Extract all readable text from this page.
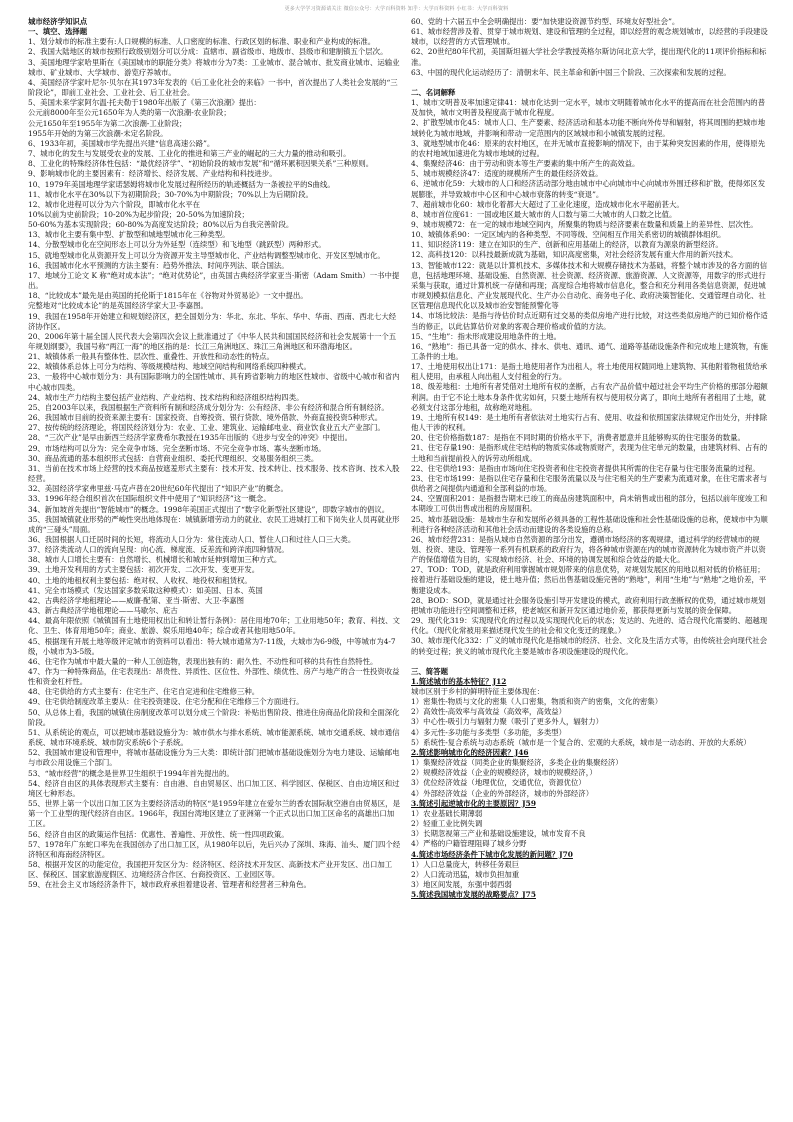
更多大学学习资源请关注 微信公众号：大学百科资料 知乎：大学百科资料 小红书：大学百科资料
城市经济学知识点
一、填空、选择题
1、划分城市的标准主要有:人口规模的标准、人口密度的标准、行政区划的标准、职业和产业构成的标准。
2、我国大陆地区的城市按照行政级别划分可以分成：直辖市、副省级市、地级市、县级市和建制镇五个层次。
3、美国地理学家哈里斯在《美国城市的职能分类》将城市分为7类：工业城市、混合城市、批发商业城市、运输业城市、矿业城市、大学城市、游览疗养城市。
4、美国经济学家叶尼尔·贝尔在其1973年发表的《后工业化社会的来临》一书中，首次提出了人类社会发展的“三阶段论”，即前工业社会、工业社会、后工业社会。
5、美国未来学家阿尔温·托夫勒于1980年出版了《第三次浪潮》提出：
公元前8000年至公元1650年为人类的第一次浪潮-农业阶段；
公元1650年至1955年为第二次浪潮-工业阶段；
1955年开始的为第三次浪潮-未定名阶段。
6、1933年初，美国城市学先提出兴建“信息高速公路”。
7、城市化的发生与发展受农业的发展、工业化的推进和第三产业的崛起的三大力量的推动和吸引。
8、工业化的特殊经济体性包括：“最优经济学”、“初始阶段的城市发展”和“循环累积因果关系”三种原则。
9、影响城市化的主要因素有：经济增长、经济发展、产业结构和科技进步。
10、1979年美国地理学家诺瑟姆将城市化发展过程所经历的轨迹概括为一条被拉平的S曲线。
11、城市化水平在30%以下为初期阶段；30-70%为中期阶段；70%以上为后期阶段。
12、城市化进程可以分为六个阶段，即城市化水平在
10%以前为史前阶段；10-20%为起步阶段；20-50%为加速阶段；
50-60%为基本实现阶段；60-80%为高度发达阶段；80%以后为自我完善阶段。
13、城市化主要有集中型、扩散型和城地型城市化三种类型。
14、分散型城市化在空间形态上可以分为外延型（连续型）和飞地型（跳跃型）两种形式。
15、就地型城市化从资源开发上可以分为资源开发主导型城市化、产业结构调整型城市化、开发区型城市化。
16、我国城市化水平预测的方法主要有：趋势外推法、时间序列法、联合国法。
17、地域分工论文 K 称“绝对成本法”；“绝对优势论”，由英国古典经济学家亚当·斯密（Adam Smith）一书中提出。
18、“比较成本”最先是由英国的托伦斯于1815年在《谷物对外贸易论》一文中提出。
完整地对“比较成本论”的是英国经济学家大卫·李嘉图。
19、我国在1958年开始建立和规划经济区，把全国划分为：华北、东北、华东、华中、华南、西南、西北七大经济协作区。
20、2006年第十届全国人民代表大会第四次会议上批准通过了《中华人民共和国国民经济和社会发展第十一个五年规划纲要》，我国号称“两江一海”的地区指的是：长江三角洲地区、珠江三角洲地区和环渤海地区。
21、城镇体系一般具有整体性、层次性、重叠性、开放性和动态性的特点。
22、城镇体系总体上可分为结构、等级规模结构、地域空间结构和网络系统四种模式。
23、一般将中心城市划分为：具有国际影响力的全国性城市、具有跨省影响力的地区性城市、省级中心城市和省内中心城市四类。
24、城市生产力结构主要包括产业结构、产业结构、技术结构和经济组织结构四类。
25、自2003年以来，我国根据生产资料所有制和经济成分划分为：公有经济、非公有经济和混合所有制经济。
26、我国城市目前的投资来源主要有：国家投资、自筹投资、银行贷款、境外借款、外商直接投资5种形式。
27、按传统的经济理论，将国民经济划分为：农业、工业、建筑业、运输邮电业、商业饮食业五大产业部门。
28、“三次产业”是早由新西兰经济学家费希尔教授在1935年出版的《进步与安全的冲突》中提出。
29、市场结构可以分为：完全竞争市场、完全垄断市场、不完全竞争市场、寡头垄断市场。
30、商品流通的基本组织形式包括：自营商业组织、委托代理组织、交易服务组织三类。
31、当前在技术市场上经营的技术商品按遮羞形式主要有：技术开发、技术转让、技术服务、技术咨询、技术入股经营。
32、美国经济学家弗里兹·马克卢普在20世纪60年代提出了“知识产业”的概念。
33、1996年经合组织首次在国际组织文件中使用了“知识经济”这一概念。
34、新加坡首先提出“智能城市”的概念。1998年美国正式提出了“数字化新型社区建设”，即数字城市的倡议。
35、我国城镇就业形势的严峻性突出地体现在：城镇新增劳动力的就业、农民工进城打工和下岗失业人员再就业形成的“三碰头”局面。
36、我国根据人口迁居时间的长短，将流动人口分为：常住流动人口、暂住人口和过往人口三大类。
37、经济类流动人口的流向呈现：向心流、梯度流、反差流和跨洋流四种情况。
38、城市人口增长主要有：自然增长、机械增长和城市延伸到增加三种方式。
39、土地开发利用的方式主要包括：初次开发、二次开发、变更开发。
40、土地的地租权利主要包括：绝对权、人收权、地役权和租赁权。
41、完全市场模式（发达国家多数采取这种模式）：如美国、日本、英国
42、古典经济学地租理论——威廉·配第、亚当·斯密、大卫·李嘉图
43、新古典经济学地租理论——马歇尔、庇古
44、最高年限依照《城镇国有土地使用权出让和转让暂行条例》：居住用地70年；工业用地50年；教育、科技、文化、卫生、体育用地50年；商业、旅游、娱乐用地40年；综合或者其他用地50年。
45、根据现有开展土地等级评定城市的资料可以看出：特大城市通常为7-11级，大城市为6-9级，中等城市为4-7级，小城市为3-5级。
46、住宅作为城市中最大量的一种人工创造物，表现出独有的：耐久性、不动性和可移的共有性自然特性。
47、作为一种特殊商品，住宅表现出：昂贵性、异质性、区位性、外部性、绩优性、房产与地产的合一性投资收益性和资金杠杆性。
48、住宅供给的方式主要有：住宅生产、住宅自定进和住宅维修三种。
49、住宅供给制度改革主要从：住宅投资建设、住宅分配和住宅维修三个方面进行。
50、从总体上看，我国的城镇住房制度改革可以划分成三个阶段：补贴出售阶段、推进住房商品化阶段和全面深化阶段。
51、从系统论的观点，可以把城市基础设施分为：城市供水与排水系统、城市能源系统、城市交通系统、城市通信系统、城市环境系统、城市防灾系统6个子系统。
52、我国城市建设和管理中，将城市基础设施分为三大类：即统计部门把城市基础设施划分为电力建设、运输邮电与市政公用设施三个部门。
53、“城市经营”的概念是世界卫生组织于1994年首先提出的。
54、经济自由区的具体表现形式主要有：自由港、自由贸易区、出口加工区、科学园区、保税区、自由边境区和过境区七种形态。
55、世界上第一个以出口加工区为主要经济活动的特区“是1959年建立在爱尔兰的香农国际航空港自由贸易区，是第一个工业型的现代经济自由区。1966年，我国台湾地区建立了亚洲第一个正式以出口加工区命名的高雄出口加工区。
56、经济自由区的政策运作包括：优惠性、普遍性、开放性、统一性四项政策。
57、1978年广东蛇口率先在我国创办了出口加工区，从1980年以后，先后兴办了深圳、珠海、汕头、厦门四个经济特区和海南经济特区。
58、根据开发区的功能定位，我国把开发区分为：经济特区、经济技术开发区、高新技术产业开发区、出口加工区、保税区、国家旅游度假区、边境经济合作区、台商投资区、工业园区等。
59、在社会主义市场经济条件下，城市政府承担着建设者、管理者和经营者三种角色。
60、党的十六届五中全会明确提出：要“加快建设资源节约型、环境友好型社会”。
61、城市经营涉及着、贯穿于城市规划、建设和管理的全过程，即以经营的观念规划城市，以经营的手段建设城市，以经营的方式管理城市。
62、20世纪80年代初，美国斯坦福大学社会学教授英格尔斯访问北京大学，提出现代化的11项评价指标和标准。
63、中国的现代化运动经历了：清朝末年、民主革命和新中国三个阶段、三次探索和发展的过程。
二、名词解释
1、城市文明普及率加速定律41：城市化达到一定水平，城市文明随着城市化水平的提高而在社会范围内的普及加快，城市文明普及程度高于城市化程度。
2、扩散型城市化45：城市人口、生产要素、经济活动和基本功能不断向外传导和辐射，将其周围的把城市地域转化为城市地域，并影响和带动一定范围内的区域城市和小城镇发展的过程。
3、就地型城市化46：原来的农村地区，在并无城市直接影响的情况下，由于某种突发因素的作用，使得原先的农村地域加速进化为城市地域的过程。
4、集聚经济46：由于劳动和资本等生产要素的集中所产生的高效益。
5、城市规模经济47：适度的规模所产生的最佳经济效益。
6、逆城市化59：大城市的人口和经济活动部分地由城市中心向城市中心向城市外围迁移和扩散，使得郊区发展膨胀，并导致城市中心区和中心城市衰落的转变“衰退”。
7、超前城市化60：城市化着都大大超过了工业化速度，造成城市化水平超前甚大。
8、城市首位度61：一国或地区最大城市的人口数与第二大城市的人口数之比值。
9、城市规模72：在一定的城市地域空间内，所聚集的物质与经济要素在数量和质量上的差异性、层次性。
10、城镇体系90：一定区域内的各种类型、不同等级、空间相互作用关系密切的城镇群体组织。
11、知识经济119：建立在知识的生产、创新和应用基础上的经济，以教育为源泉的新型经济。
12、高科技120：以科技最新成就为基础，知识高度密集，对社会经济发展有重大作用的新兴技术。
13、智能城市122：就是以计算机技术、多媒体技术和大规模存储技术为基础，将整个城市涉及的各方面的信息，包括地理环境、基础设施、自然资源、社会资源、经济资源、旅游资源、人文资源等，用数字的形式进行采集与获取，通过计算机统一存储和再现；高度综合地将城市信息化，整合和充分利用各类信息资源，促进城市规划模拟信息化、产业发展现代化、生产办公自动化、商务电子化、政府决策智能化、交通管理自动化、社区管理信息现代化以及城市治安智能预警化等
14、市场比较法：是指与待估价时点近期有过交易的类似房地产进行比较，对这些类似房地产的已知价格作适当的修正，以此估算估价对象的客观合理价格或价值的方法。
15、“生地”：指未形成建设用地条件的土地。
16、“熟地”：指已具备一定的供水、排水、供电、通讯、通气、道路等基础设施条件和完成地上建筑物，有施工条件的土地。
17、土地使用权出让171：是指土地使用者作为出租人，将土地使用权随同地上建筑物、其他附着物租赁给承租人使用，由承租人向出租人支付租金的行为。
18、级差地租：土地所有者凭借对土地所有权的垄断，占有农产品价值中超过社会平均生产价格的那部分超额利润。由于它不论土地本身条件优劣如何，只要土地所有权与使用权分离了，即向土地所有者租用了土地，就必须支付这部分地租，故称绝对地租。
19、土地所有权149：是土地所有者依法对土地实行占有、使用、收益和依照国家法律规定作出处分，并排除他人干涉的权利。
20、住宅价格指数187：是指在不同时期的价格水平下，消费者愿意并且能够购买的住宅服务的数量。
21、住宅存量190：是指形成住宅结构的物质实体或物质财产，表现为住宅单元的数量，由建筑材料、占有的土地和当前提前投入的诉劳动所组成。
22、住宅供给193：是指由市场向住宅投资者和住宅投资者提供其所需的住宅存量与住宅服务流量的过程。
23、住宅市场199：是指以住宅存量和住宅服务流量以及与住宅相关的生产要素为流通对象，在住宅需求者与供给者之间提供内通道和全部利益的市场。
24、空置面积201：是指报告期末已竣工的商品房建筑面积中，尚未销售或出租的部分，包括以前年度竣工和本期竣工可供出售或出租的房屋面积。
25、城市基础设施：是城市生存和发展所必须具备的工程性基础设施和社会性基础设施的总称，使城市中为顺利进行各种经济活动和其他社会活动而建设的各类设施的总称。
26、城市经营231：是指从城市自然资源的部分出发，遵循市场经济的客观规律，通过科学的经营城市的规划、投资、建设、管理等一系列有机联系的政府行为，将各种城市资源在内的城市资源转化为城市资产并以资产的保值增值为目的，实现城市经济、社会、环境的协调发展和综合效益的最大化。
27、TOD：TOD，就是政府利用掌握城市规划带来的信息优势，对规划发展区的用地以相对低的价格征用；接着进行基础设施的建设，使土地升值；然后出售基础设施完善的“熟地”，利用“生地”与“熟地”之地价差，平衡建设成本。
28、BOD：SOD，就是通过社会服务设施引导开发建设的模式，政府利用行政垄断权的优势，通过城市规划把城市功能进行空间调整和迁移，使老城区和新开发区通过地价差，都获得更新与发展的资金保障。
29、现代化319：实现现代化的过程以及实现现代化后的状态；发达的、先进的、适合现代化需要的、超越现代化。（现代化常被用来描述现代发生的社会和文化变迁的现象。）
30、城市现代化332：广义的城市现代化是指城市的经济、社会、文化及生活方式等，由传统社会向现代社会的转变过程；狭义的城市现代化主要是城市各项设施建设的现代化。
三、简答题
1.简述城市的基本特征？J12
城市区别于乡村的鲜明特征主要体现在：
1）密集性-物质与文化的密集（人口密集，物质和资产的密集，文化的密集）
2）高效性-高效率与高效益（高效率，高效益）
3）中心性-吸引力与辐射力聚（吸引了更多外人，辐射力）
4）多元性-多功能与多类型（多功能，多类型）
5）系统性-复合系统与动态系统（城市是一个复合的、宏观的大系统，城市是一动态的、开放的大系统）
2.简述影响城市化的经济因素？J46
1）集聚经济效益（同类企业的集聚经济，多类企业的集聚经济）
2）规模经济效益（企业的规模经济，城市的规模经济，）
3）优位经济效益（地理优位，交通优位，资源优位）
4）外部经济效益（企业的外部经济，城市的外部经济）
3.简述引起逆城市化的主要原因？J59
1）农业基础长期薄弱
2）轻重工业比例失调
3）长期忽视第三产业和基础设施建设，城市发育不良
4）严格的户籍管理阻碍了城乡分野
4.简述市场经济条件下城市化发展的新问题？J70
1）人口总量庞大，转移任务艰巨
2）人口流动迅猛，城市负担加重
3）地区间发展，东强中弱西弱
5.简述我国城市发展的战略要点？J75
